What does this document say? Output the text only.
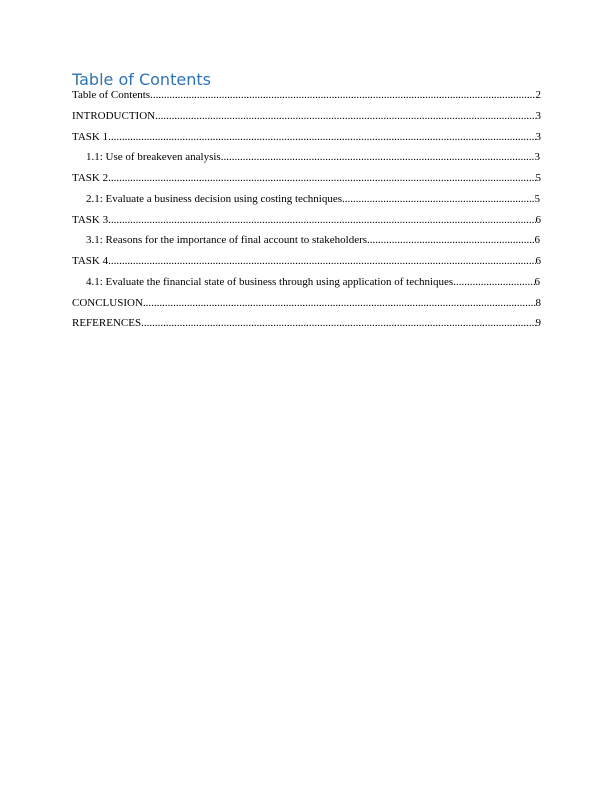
Table of Contents
Table of Contents .....	2
INTRODUCTION .....	3
TASK 1 .....	3
1.1: Use of breakeven analysis .....	3
TASK 2 .....	5
2.1: Evaluate a business decision using costing techniques .....	5
TASK 3 .....	6
3.1: Reasons for the importance of final account to stakeholders .....	6
TASK 4 .....	6
4.1: Evaluate the financial state of business through using application of techniques .....	6
CONCLUSION .....	8
REFERENCES .....	9
